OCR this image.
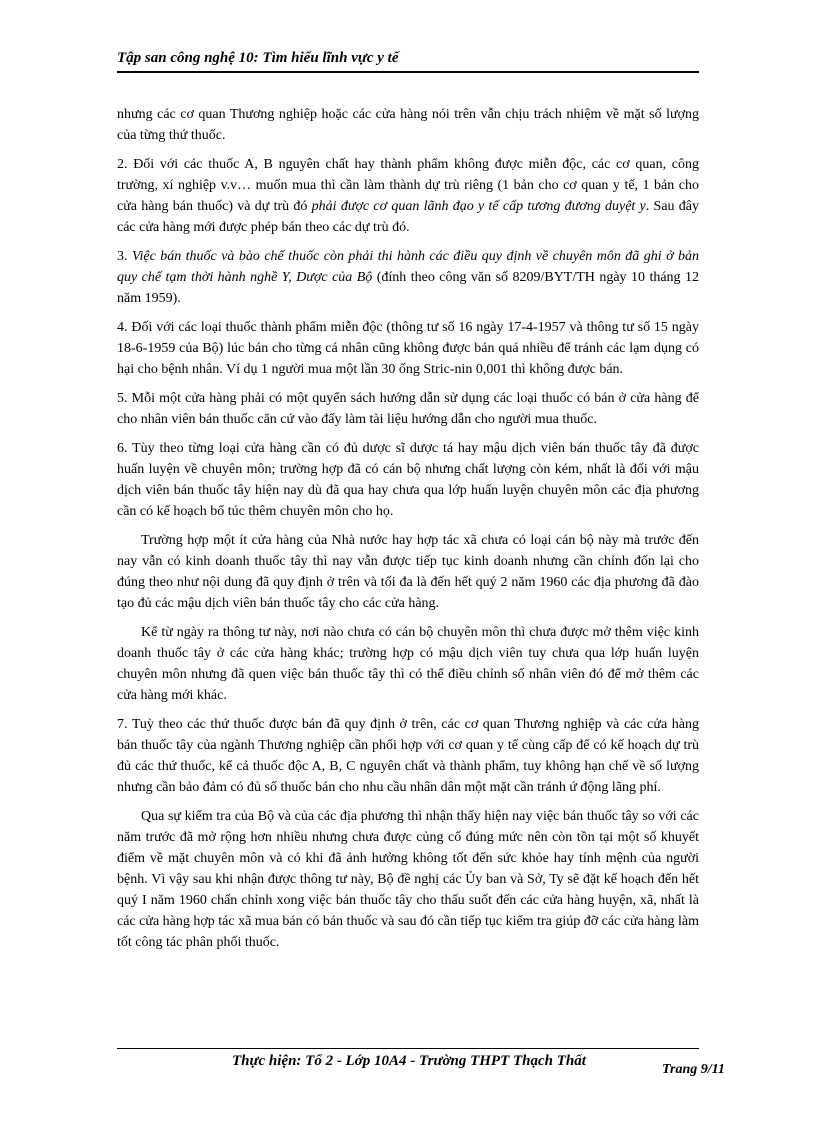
Tập san công nghệ 10: Tìm hiểu lĩnh vực y tế

nhưng các cơ quan Thương nghiệp hoặc các cửa hàng nói trên vẫn chịu trách nhiệm về mặt số lượng của từng thứ thuốc.

2. Đối với các thuốc A, B nguyên chất hay thành phẩm không được miễn độc, các cơ quan, công trường, xí nghiệp v.v… muốn mua thì cần làm thành dự trù riêng (1 bản cho cơ quan y tế, 1 bản cho cửa hàng bán thuốc) và dự trù đó phải được cơ quan lãnh đạo y tế cấp tương đương duyệt y. Sau đây các cửa hàng mới được phép bán theo các dự trù đó.

3. Việc bán thuốc và bào chế thuốc còn phải thi hành các điều quy định về chuyên môn đã ghi ở bản quy chế tạm thời hành nghề Y, Dược của Bộ (đính theo công văn số 8209/BYT/TH ngày 10 tháng 12 năm 1959).

4. Đối với các loại thuốc thành phẩm miễn độc (thông tư số 16 ngày 17-4-1957 và thông tư số 15 ngày 18-6-1959 của Bộ) lúc bán cho từng cá nhân cũng không được bán quá nhiều để tránh các lạm dụng có hại cho bệnh nhân. Ví dụ 1 người mua một lần 30 ống Stric-nin 0,001 thì không được bán.

5. Mỗi một cửa hàng phải có một quyển sách hướng dẫn sử dụng các loại thuốc có bán ở cửa hàng để cho nhân viên bán thuốc căn cứ vào đấy làm tài liệu hướng dẫn cho người mua thuốc.

6. Tùy theo từng loại cửa hàng cần có đủ dược sĩ dược tá hay mậu dịch viên bán thuốc tây đã được huấn luyện về chuyên môn; trường hợp đã có cán bộ nhưng chất lượng còn kém, nhất là đối với mậu dịch viên bán thuốc tây hiện nay dù đã qua hay chưa qua lớp huấn luyện chuyên môn các địa phương cần có kế hoạch bổ túc thêm chuyên môn cho họ.

Trường hợp một ít cửa hàng của Nhà nước hay hợp tác xã chưa có loại cán bộ này mà trước đến nay vẫn có kinh doanh thuốc tây thì nay vẫn được tiếp tục kinh doanh nhưng cần chỉnh đốn lại cho đúng theo như nội dung đã quy định ở trên và tối đa là đến hết quý 2 năm 1960 các địa phương đã đào tạo đủ các mậu dịch viên bán thuốc tây cho các cửa hàng.

Kể từ ngày ra thông tư này, nơi nào chưa có cán bộ chuyên môn thì chưa được mở thêm việc kinh doanh thuốc tây ở các cửa hàng khác; trường hợp có mậu dịch viên tuy chưa qua lớp huấn luyện chuyên môn nhưng đã quen việc bán thuốc tây thì có thể điều chỉnh số nhân viên đó để mở thêm các cửa hàng mới khác.

7. Tuỳ theo các thứ thuốc được bán đã quy định ở trên, các cơ quan Thương nghiệp và các cửa hàng bán thuốc tây của ngành Thương nghiệp cần phối hợp với cơ quan y tế cùng cấp để có kế hoạch dự trù đủ các thứ thuốc, kể cả thuốc độc A, B, C nguyên chất và thành phẩm, tuy không hạn chế về số lượng nhưng cần bảo đảm có đủ số thuốc bán cho nhu cầu nhân dân một mặt cần tránh ứ động lãng phí.

Qua sự kiểm tra của Bộ và của các địa phương thì nhận thấy hiện nay việc bán thuốc tây so với các năm trước đã mở rộng hơn nhiều nhưng chưa được củng cố đúng mức nên còn tồn tại một số khuyết điểm về mặt chuyên môn và có khi đã ảnh hưởng không tốt đến sức khỏe hay tính mệnh của người bệnh. Vì vậy sau khi nhận được thông tư này, Bộ đề nghị các Ủy ban và Sở, Ty sẽ đặt kế hoạch đến hết quý I năm 1960 chấn chỉnh xong việc bán thuốc tây cho thấu suốt đến các cửa hàng huyện, xã, nhất là các cửa hàng hợp tác xã mua bán có bán thuốc và sau đó cần tiếp tục kiểm tra giúp đỡ các cửa hàng làm tốt công tác phân phối thuốc.

Thực hiện: Tổ 2 - Lớp 10A4 - Trường THPT Thạch Thất
Trang 9/11
